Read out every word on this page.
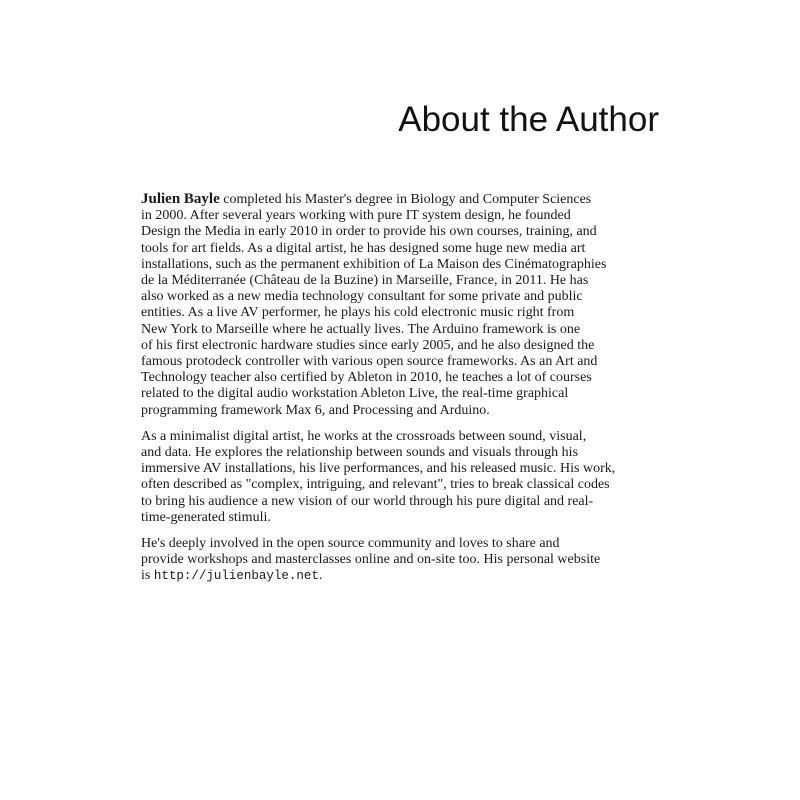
About the Author

Julien Bayle completed his Master's degree in Biology and Computer Sciences
in 2000. After several years working with pure IT system design, he founded
Design the Media in early 2010 in order to provide his own courses, training, and
tools for art fields. As a digital artist, he has designed some huge new media art
installations, such as the permanent exhibition of La Maison des Cinématographies
de la Méditerranée (Château de la Buzine) in Marseille, France, in 2011. He has
also worked as a new media technology consultant for some private and public
entities. As a live AV performer, he plays his cold electronic music right from
New York to Marseille where he actually lives. The Arduino framework is one
of his first electronic hardware studies since early 2005, and he also designed the
famous protodeck controller with various open source frameworks. As an Art and
Technology teacher also certified by Ableton in 2010, he teaches a lot of courses
related to the digital audio workstation Ableton Live, the real-time graphical
programming framework Max 6, and Processing and Arduino.

As a minimalist digital artist, he works at the crossroads between sound, visual,
and data. He explores the relationship between sounds and visuals through his
immersive AV installations, his live performances, and his released music. His work,
often described as "complex, intriguing, and relevant", tries to break classical codes
to bring his audience a new vision of our world through his pure digital and real-
time-generated stimuli.

He's deeply involved in the open source community and loves to share and
provide workshops and masterclasses online and on-site too. His personal website
is http://julienbayle.net.
